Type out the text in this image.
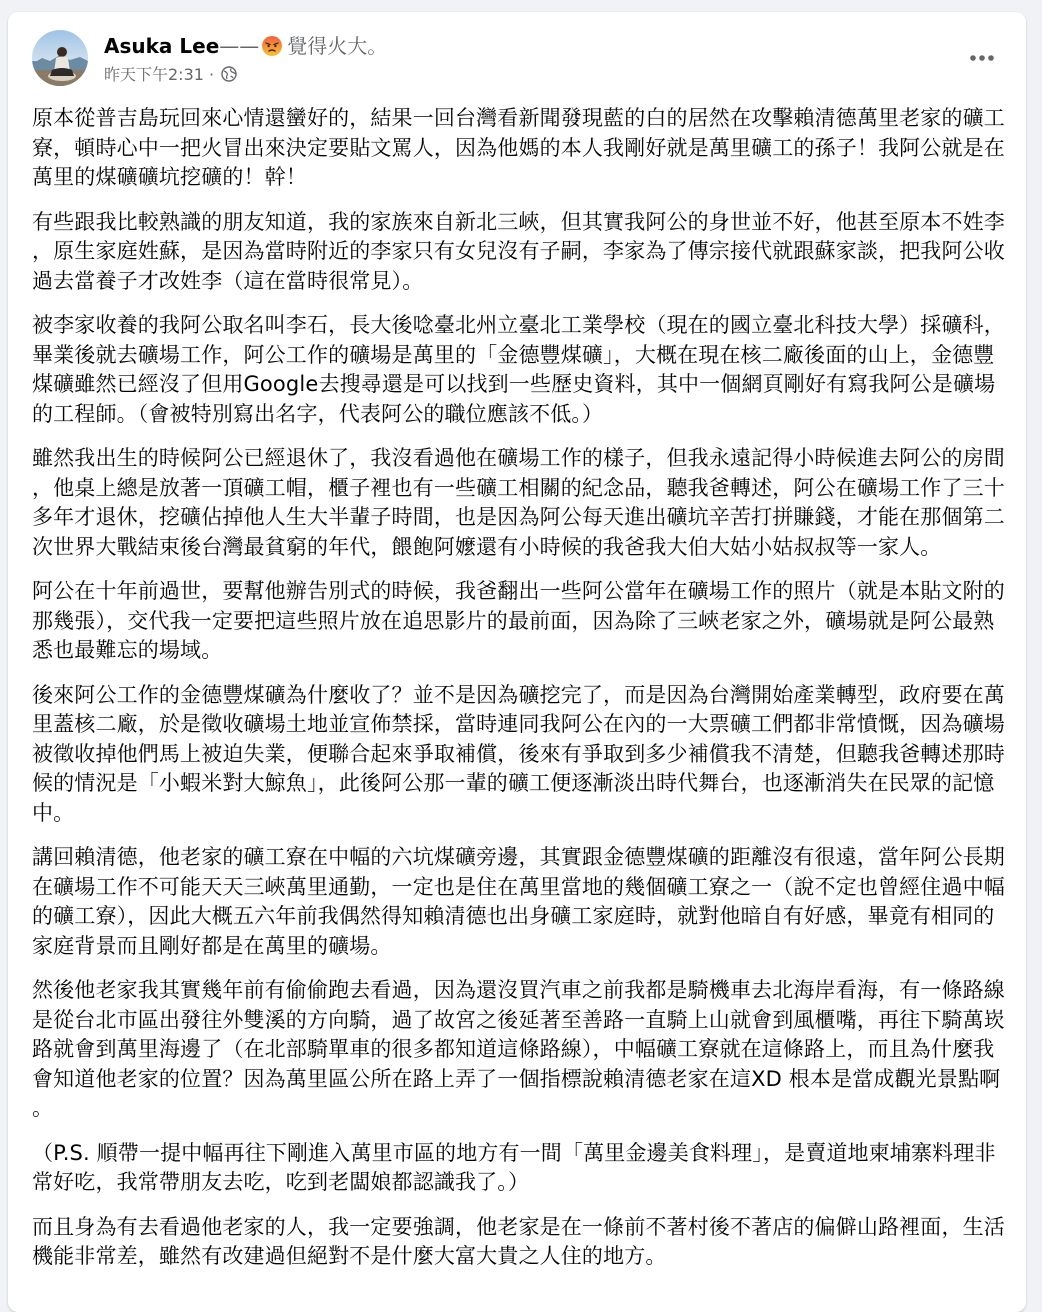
Asuka Lee—— 覺得火大。
昨天下午2:31 ·

原本從普吉島玩回來心情還蠻好的，結果一回台灣看新聞發現藍的白的居然在攻擊賴清德萬里老家的礦工寮，頓時心中一把火冒出來決定要貼文罵人，因為他媽的本人我剛好就是萬里礦工的孫子！我阿公就是在萬里的煤礦礦坑挖礦的！幹！

有些跟我比較熟識的朋友知道，我的家族來自新北三峽，但其實我阿公的身世並不好，他甚至原本不姓李，原生家庭姓蘇，是因為當時附近的李家只有女兒沒有子嗣，李家為了傳宗接代就跟蘇家談，把我阿公收過去當養子才改姓李（這在當時很常見）。

被李家收養的我阿公取名叫李石，長大後唸臺北州立臺北工業學校（現在的國立臺北科技大學）採礦科，畢業後就去礦場工作，阿公工作的礦場是萬里的「金德豐煤礦」，大概在現在核二廠後面的山上，金德豐煤礦雖然已經沒了但用Google去搜尋還是可以找到一些歷史資料，其中一個網頁剛好有寫我阿公是礦場的工程師。（會被特別寫出名字，代表阿公的職位應該不低。）

雖然我出生的時候阿公已經退休了，我沒看過他在礦場工作的樣子，但我永遠記得小時候進去阿公的房間，他桌上總是放著一頂礦工帽，櫃子裡也有一些礦工相關的紀念品，聽我爸轉述，阿公在礦場工作了三十多年才退休，挖礦佔掉他人生大半輩子時間，也是因為阿公每天進出礦坑辛苦打拼賺錢，才能在那個第二次世界大戰結束後台灣最貧窮的年代，餵飽阿嬤還有小時候的我爸我大伯大姑小姑叔叔等一家人。

阿公在十年前過世，要幫他辦告別式的時候，我爸翻出一些阿公當年在礦場工作的照片（就是本貼文附的那幾張），交代我一定要把這些照片放在追思影片的最前面，因為除了三峽老家之外，礦場就是阿公最熟悉也最難忘的場域。

後來阿公工作的金德豐煤礦為什麼收了？並不是因為礦挖完了，而是因為台灣開始產業轉型，政府要在萬里蓋核二廠，於是徵收礦場土地並宣佈禁採，當時連同我阿公在內的一大票礦工們都非常憤慨，因為礦場被徵收掉他們馬上被迫失業，便聯合起來爭取補償，後來有爭取到多少補償我不清楚，但聽我爸轉述那時候的情況是「小蝦米對大鯨魚」，此後阿公那一輩的礦工便逐漸淡出時代舞台，也逐漸消失在民眾的記憶中。

講回賴清德，他老家的礦工寮在中幅的六坑煤礦旁邊，其實跟金德豐煤礦的距離沒有很遠，當年阿公長期在礦場工作不可能天天三峽萬里通勤，一定也是住在萬里當地的幾個礦工寮之一（說不定也曾經住過中幅的礦工寮），因此大概五六年前我偶然得知賴清德也出身礦工家庭時，就對他暗自有好感，畢竟有相同的家庭背景而且剛好都是在萬里的礦場。

然後他老家我其實幾年前有偷偷跑去看過，因為還沒買汽車之前我都是騎機車去北海岸看海，有一條路線是從台北市區出發往外雙溪的方向騎，過了故宮之後延著至善路一直騎上山就會到風櫃嘴，再往下騎萬崁路就會到萬里海邊了（在北部騎單車的很多都知道這條路線），中幅礦工寮就在這條路上，而且為什麼我會知道他老家的位置？因為萬里區公所在路上弄了一個指標說賴清德老家在這XD 根本是當成觀光景點啊。

（P.S. 順帶一提中幅再往下剛進入萬里市區的地方有一間「萬里金邊美食料理」，是賣道地柬埔寨料理非常好吃，我常帶朋友去吃，吃到老闆娘都認識我了。）

而且身為有去看過他老家的人，我一定要強調，他老家是在一條前不著村後不著店的偏僻山路裡面，生活機能非常差，雖然有改建過但絕對不是什麼大富大貴之人住的地方。
